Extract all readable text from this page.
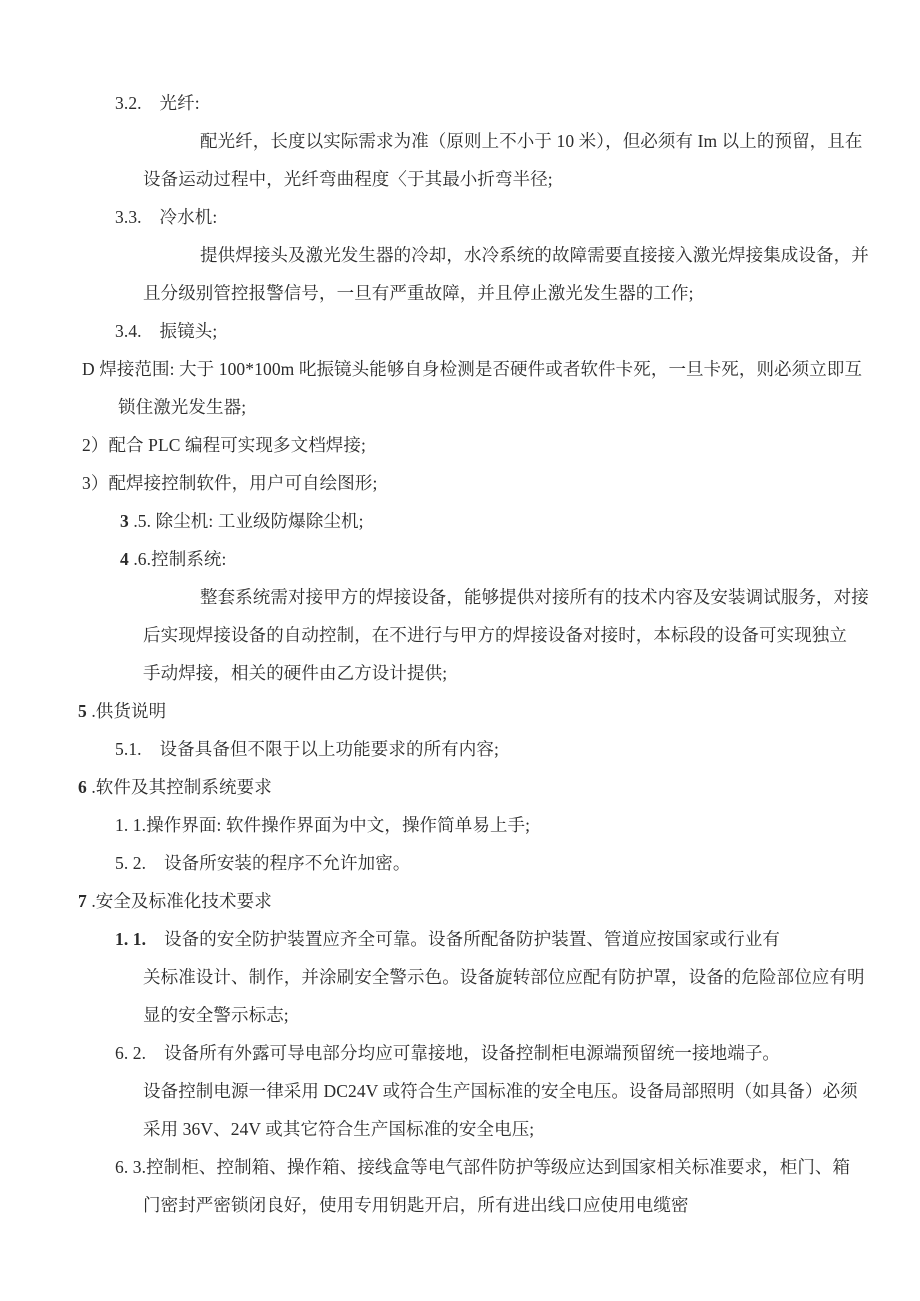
3.2.    光纤:
配光纤，长度以实际需求为准（原则上不小于 10 米），但必须有 Im 以上的预留，且在
设备运动过程中，光纤弯曲程度〈于其最小折弯半径;
3.3.    冷水机:
提供焊接头及激光发生器的冷却，水冷系统的故障需要直接接入激光焊接集成设备，并
且分级别管控报警信号，一旦有严重故障，并且停止激光发生器的工作;
3.4.    振镜头;
D 焊接范围: 大于 100*100m 叱振镜头能够自身检测是否硬件或者软件卡死，一旦卡死，则必须立即互
锁住激光发生器;
2）配合 PLC 编程可实现多文档焊接;
3）配焊接控制软件，用户可自绘图形;
3 .5. 除尘机: 工业级防爆除尘机;
4 .6.控制系统:
整套系统需对接甲方的焊接设备，能够提供对接所有的技术内容及安装调试服务，对接
后实现焊接设备的自动控制，在不进行与甲方的焊接设备对接时，本标段的设备可实现独立
手动焊接，相关的硬件由乙方设计提供;
5 .供货说明
5.1.    设备具备但不限于以上功能要求的所有内容;
6 .软件及其控制系统要求
1. 1.操作界面: 软件操作界面为中文，操作简单易上手;
5. 2.    设备所安装的程序不允许加密。
7 .安全及标准化技术要求
1. 1.    设备的安全防护装置应齐全可靠。设备所配备防护装置、管道应按国家或行业有
关标准设计、制作，并涂刷安全警示色。设备旋转部位应配有防护罩，设备的危险部位应有明
显的安全警示标志;
6. 2.    设备所有外露可导电部分均应可靠接地，设备控制柜电源端预留统一接地端子。
设备控制电源一律采用 DC24V 或符合生产国标准的安全电压。设备局部照明（如具备）必须
采用 36V、24V 或其它符合生产国标准的安全电压;
6. 3.控制柜、控制箱、操作箱、接线盒等电气部件防护等级应达到国家相关标准要求，柜门、箱
门密封严密锁闭良好，使用专用钥匙开启，所有进出线口应使用电缆密
